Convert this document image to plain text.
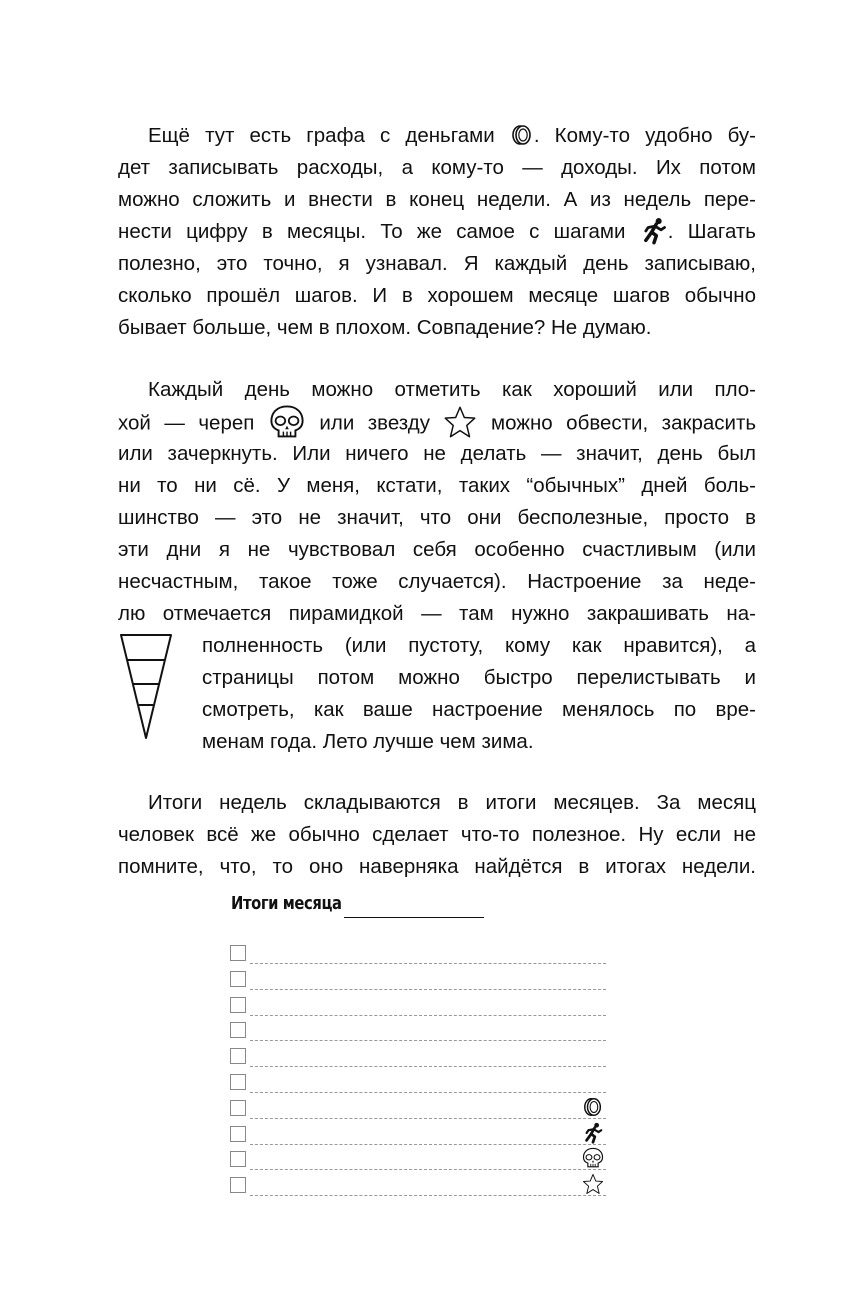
Ещё тут есть графа с деньгами . Кому-то удобно бу-
дет записывать расходы, а кому-то — доходы. Их потом
можно сложить и внести в конец недели. А из недель пере-
нести цифру в месяцы. То же самое с шагами . Шагать
полезно, это точно, я узнавал. Я каждый день записываю,
сколько прошёл шагов. И в хорошем месяце шагов обычно
бывает больше, чем в плохом. Совпадение? Не думаю.
Каждый день можно отметить как хороший или пло-
хой — череп	или звезду	можно обвести, закрасить
или зачеркнуть. Или ничего не делать — значит, день был
ни то ни сё. У меня, кстати, таких “обычных” дней боль-
шинство — это не значит, что они бесполезные, просто в
эти дни я не чувствовал себя особенно счастливым (или
несчастным, такое тоже случается). Настроение за неде-
лю отмечается пирамидкой — там нужно закрашивать на-
полненность (или пустоту, кому как нравится), а
страницы потом можно быстро перелистывать и
смотреть, как ваше настроение менялось по вре-
менам года. Лето лучше чем зима.
Итоги недель складываются в итоги месяцев. За месяц
человек всё же обычно сделает что-то полезное. Ну если не
помните, что, то оно наверняка найдётся в итогах недели.
Итоги месяца
